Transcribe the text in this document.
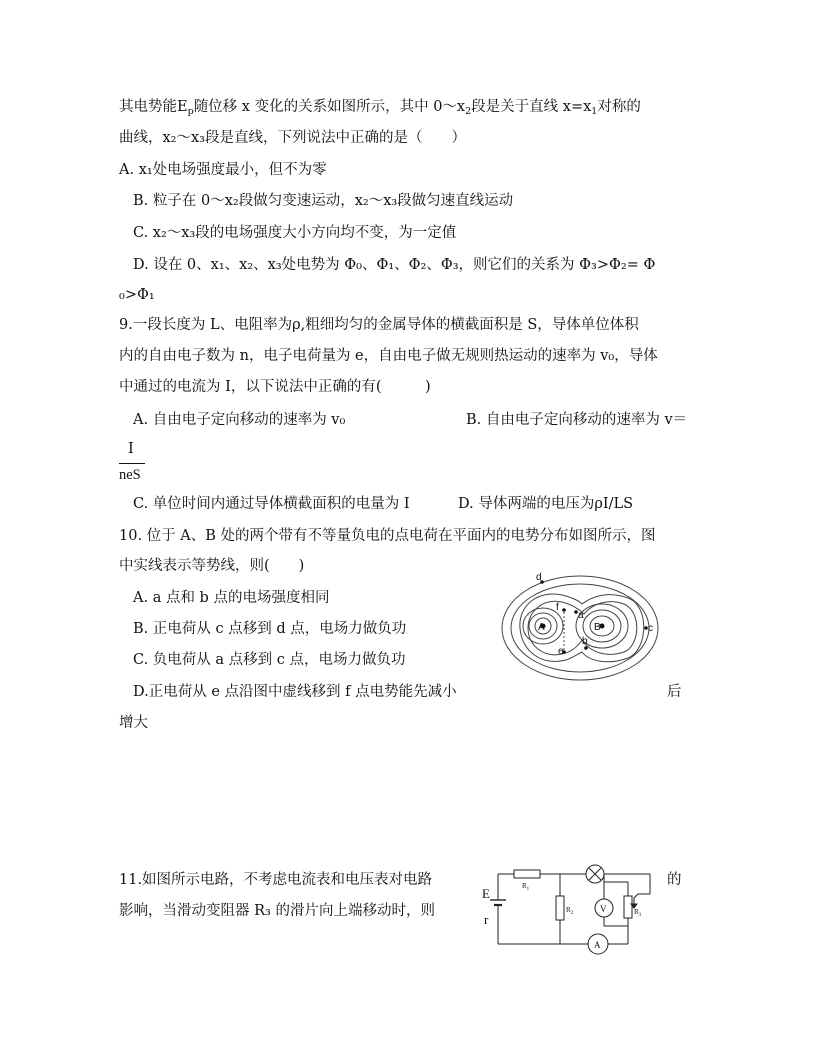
其电势能$E_p$随位移 x 变化的关系如图所示，其中 $0\sim x_2$段是关于直线 $x=x_1$对称的
曲线，x₂～x₃段是直线，下列说法中正确的是（　　）
A. x₁处电场强度最小，但不为零
B. 粒子在 0～x₂段做匀变速运动，x₂～x₃段做匀速直线运动
C. x₂～x₃段的电场强度大小方向均不变，为一定值
D. 设在 0、x₁、x₂、x₃处电势为 Φ₀、Φ₁、Φ₂、Φ₃，则它们的关系为 Φ₃>Φ₂= Φ
₀>Φ₁
9.一段长度为 L、电阻率为ρ,粗细均匀的金属导体的横截面积是 S，导体单位体积
内的自由电子数为 n，电子电荷量为 e，自由电子做无规则热运动的速率为 v₀，导体
中通过的电流为 I，以下说法中正确的有(　　　)
A. 自由电子定向移动的速率为 v₀	B. 自由电子定向移动的速率为 v＝
I
neS
C. 单位时间内通过导体横截面积的电量为 I	D. 导体两端的电压为ρI/LS
10. 位于 A、B 处的两个带有不等量负电的点电荷在平面内的电势分布如图所示，图
中实线表示等势线，则(　　)
A. a 点和 b 点的电场强度相同
B. 正电荷从 c 点移到 d 点，电场力做负功
C. 负电荷从 a 点移到 c 点，电场力做负功
D.正电荷从 e 点沿图中虚线移到 f 点电势能先减小	后
增大
A	B
d
f
e
a
b
c
11.如图所示电路，不考虑电流表和电压表对电路	的
影响，当滑动变阻器 R₃ 的滑片向上端移动时，则
E
r
$R_1$
$R_2$	$R_3$
V
A
